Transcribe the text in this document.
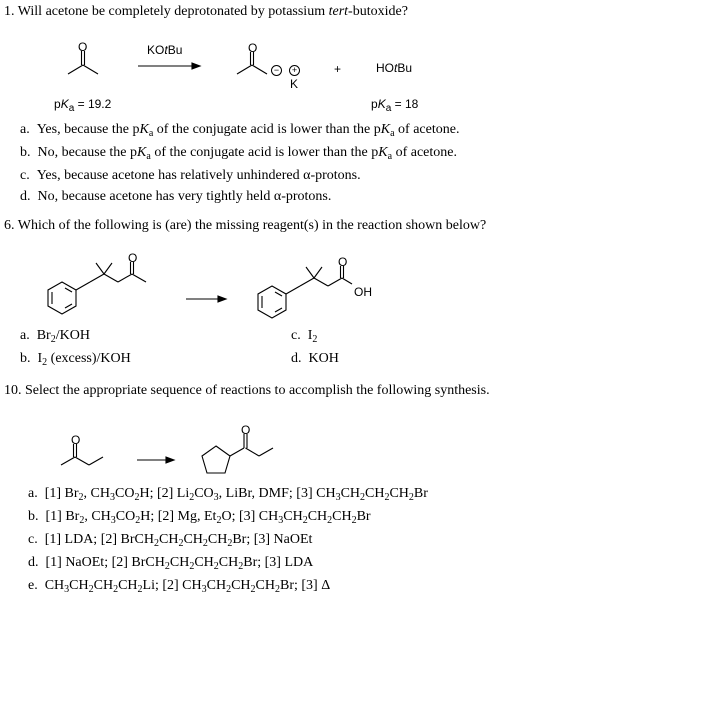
1. Will acetone be completely deprotonated by potassium tert-butoxide?
O	KOtBu	O
−	+
K
+	HOtBu
$pK_a = 19.2$	$pK_a = 18$
a.  Yes, because the $pK_a$ of the conjugate acid is lower than the $pK_a$ of acetone.
b.  No, because the $pK_a$ of the conjugate acid is lower than the $pK_a$ of acetone.
c.  Yes, because acetone has relatively unhindered α-protons.
d.  No, because acetone has very tightly held α-protons.
6. Which of the following is (are) the missing reagent(s) in the reaction shown below?
O	O
OH
a.  $Br_2$/KOH
b.  $I_2$ (excess)/KOH
c.  $I_2$
d.  KOH
10. Select the appropriate sequence of reactions to accomplish the following synthesis.
O
O
a.  [1] $Br_2$, $CH_3CO_2H$; [2] $Li_2CO_3$, LiBr, DMF; [3] $CH_3CH_2CH_2CH_2Br$
b.  [1] $Br_2$, $CH_3CO_2H$; [2] Mg, $Et_2O$; [3] $CH_3CH_2CH_2CH_2Br$
c.  [1] LDA; [2] $BrCH_2CH_2CH_2CH_2Br$; [3] NaOEt
d.  [1] NaOEt; [2] $BrCH_2CH_2CH_2CH_2Br$; [3] LDA
e.  $CH_3CH_2CH_2CH_2Li$; [2] $CH_3CH_2CH_2CH_2Br$; [3] Δ
